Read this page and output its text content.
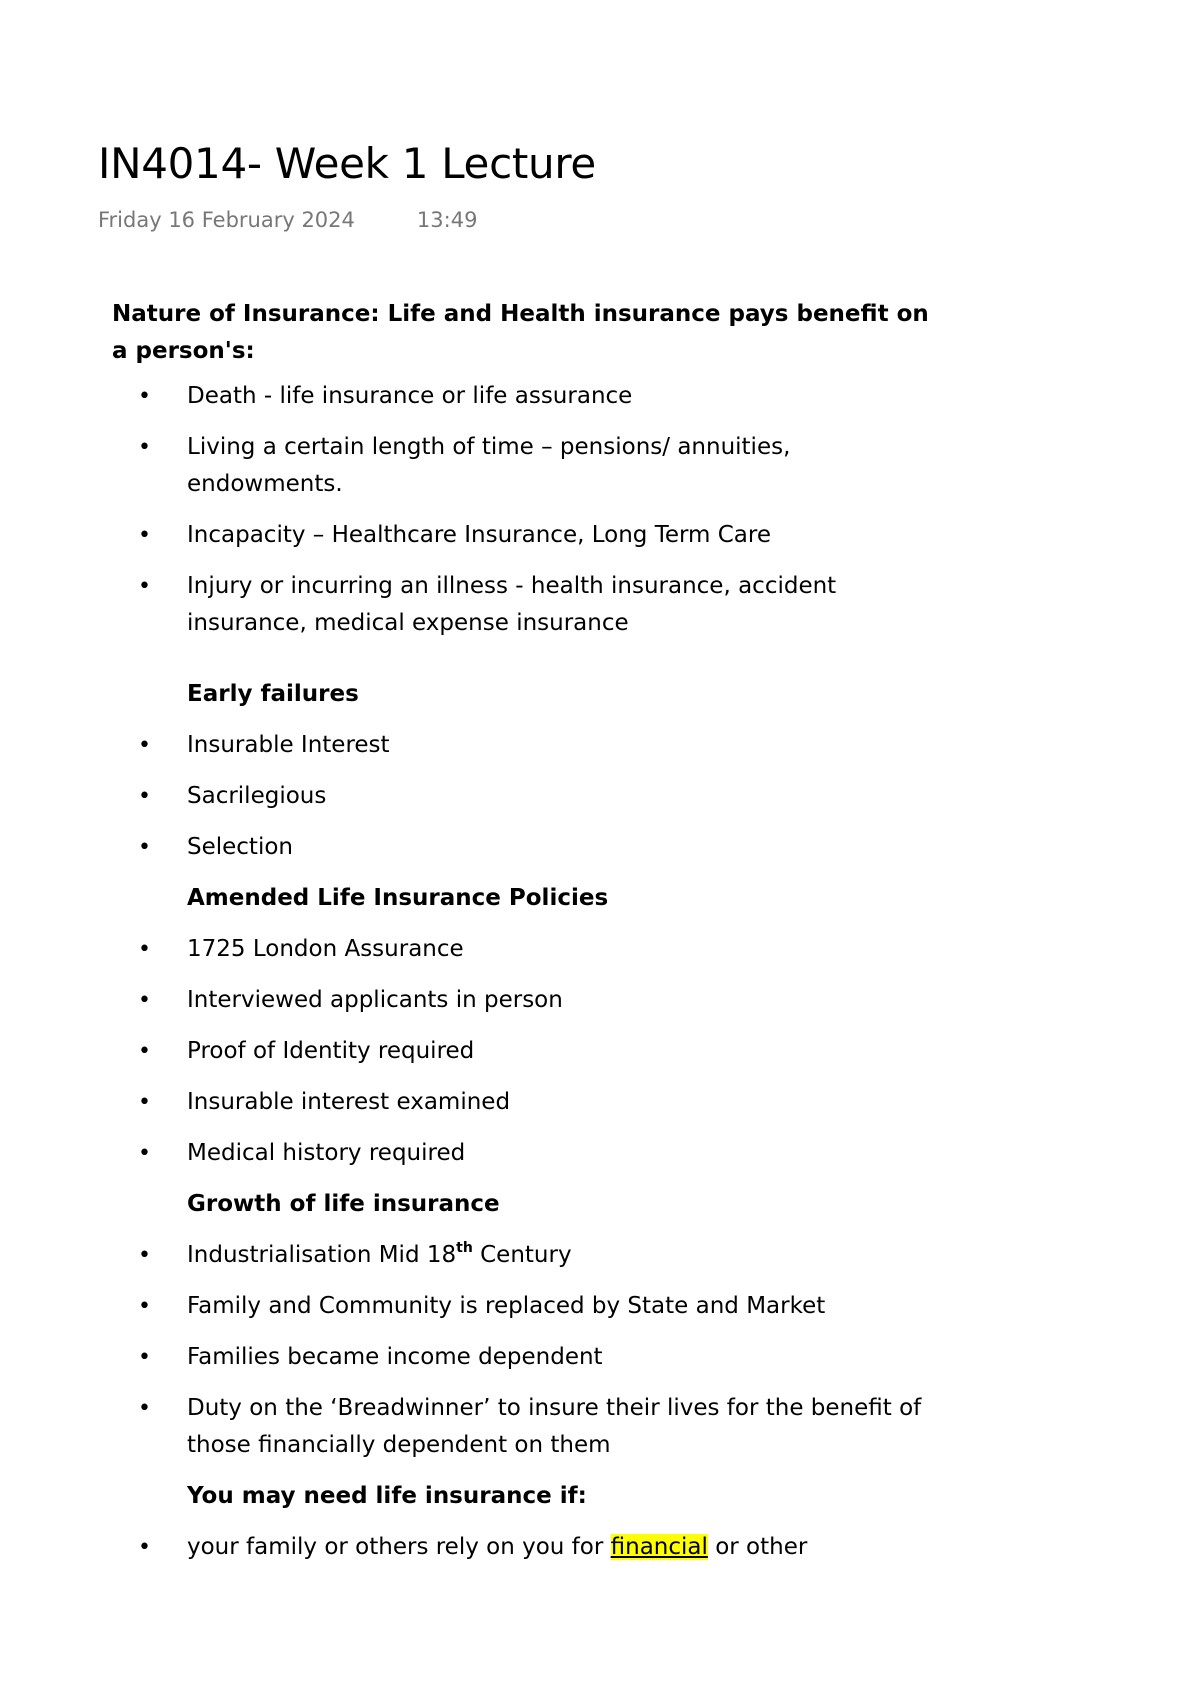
IN4014- Week 1 Lecture
Friday 16 February 2024	13:49

Nature of Insurance: Life and Health insurance pays benefit on a person's:

• Death - life insurance or life assurance
• Living a certain length of time – pensions/ annuities, endowments.
• Incapacity – Healthcare Insurance, Long Term Care
• Injury or incurring an illness - health insurance, accident insurance, medical expense insurance
Early failures
• Insurable Interest
• Sacrilegious
• Selection
Amended Life Insurance Policies
• 1725 London Assurance
• Interviewed applicants in person
• Proof of Identity required
• Insurable interest examined
• Medical history required
Growth of life insurance
• Industrialisation Mid 18th Century
• Family and Community is replaced by State and Market
• Families became income dependent
• Duty on the ‘Breadwinner’ to insure their lives for the benefit of those financially dependent on them
You may need life insurance if:
• your family or others rely on you for financial or other
